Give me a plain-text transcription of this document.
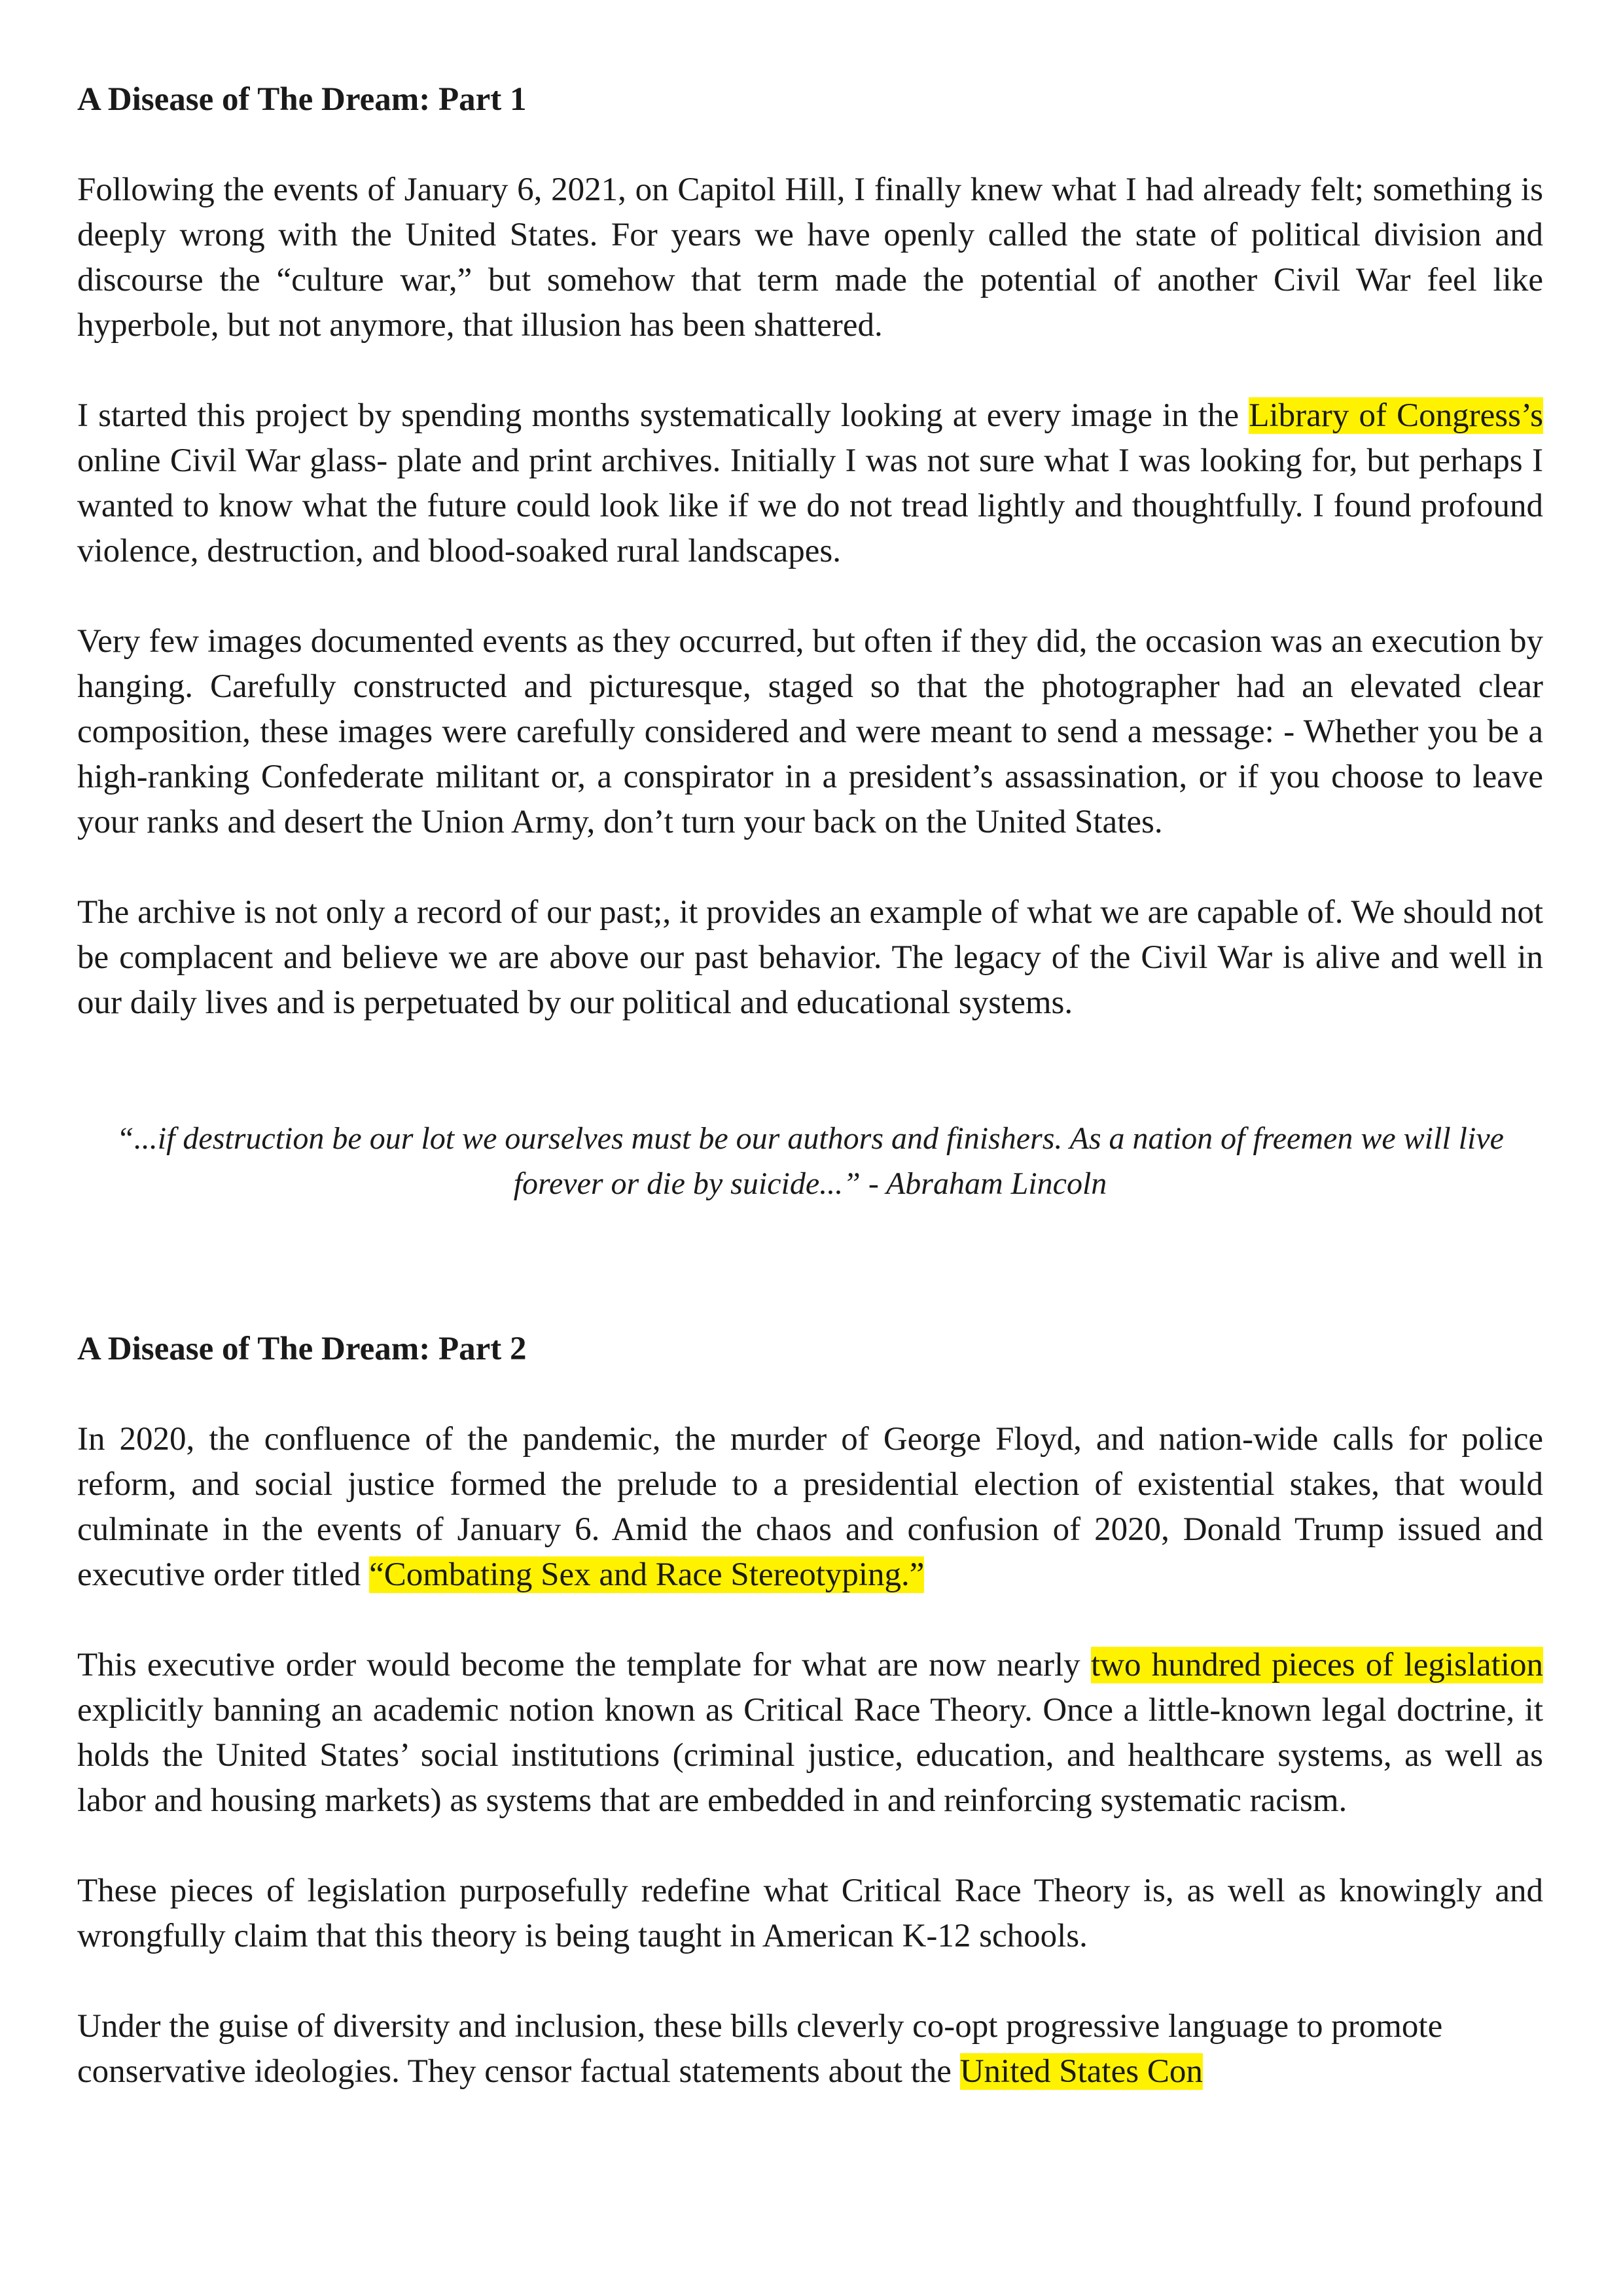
A Disease of The Dream: Part 1

Following the events of January 6, 2021, on Capitol Hill, I finally knew what I had already felt; something is deeply wrong with the United States. For years we have openly called the state of political division and discourse the “culture war,” but somehow that term made the potential of another Civil War feel like hyperbole, but not anymore, that illusion has been shattered.

I started this project by spending months systematically looking at every image in the Library of Congress’s online Civil War glass- plate and print archives. Initially I was not sure what I was looking for, but perhaps I wanted to know what the future could look like if we do not tread lightly and thoughtfully. I found profound violence, destruction, and blood-soaked rural landscapes.

Very few images documented events as they occurred, but often if they did, the occasion was an execution by hanging. Carefully constructed and picturesque, staged so that the photographer had an elevated clear composition, these images were carefully considered and were meant to send a message: - Whether you be a high-ranking Confederate militant or, a conspirator in a president’s assassination, or if you choose to leave your ranks and desert the Union Army, don’t turn your back on the United States.

The archive is not only a record of our past;, it provides an example of what we are capable of. We should not be complacent and believe we are above our past behavior. The legacy of the Civil War is alive and well in our daily lives and is perpetuated by our political and educational systems.

“...if destruction be our lot we ourselves must be our authors and finishers. As a nation of freemen we will live forever or die by suicide...” - Abraham Lincoln

A Disease of The Dream: Part 2

In 2020, the confluence of the pandemic, the murder of George Floyd, and nation-wide calls for police reform, and social justice formed the prelude to a presidential election of existential stakes, that would culminate in the events of January 6. Amid the chaos and confusion of 2020, Donald Trump issued and executive order titled “Combating Sex and Race Stereotyping.”

This executive order would become the template for what are now nearly two hundred pieces of legislation explicitly banning an academic notion known as Critical Race Theory. Once a little-known legal doctrine, it holds the United States’ social institutions (criminal justice, education, and healthcare systems, as well as labor and housing markets) as systems that are embedded in and reinforcing systematic racism.

These pieces of legislation purposefully redefine what Critical Race Theory is, as well as knowingly and wrongfully claim that this theory is being taught in American K-12 schools.

Under the guise of diversity and inclusion, these bills cleverly co-opt progressive language to promote conservative ideologies. They censor factual statements about the United States Con
